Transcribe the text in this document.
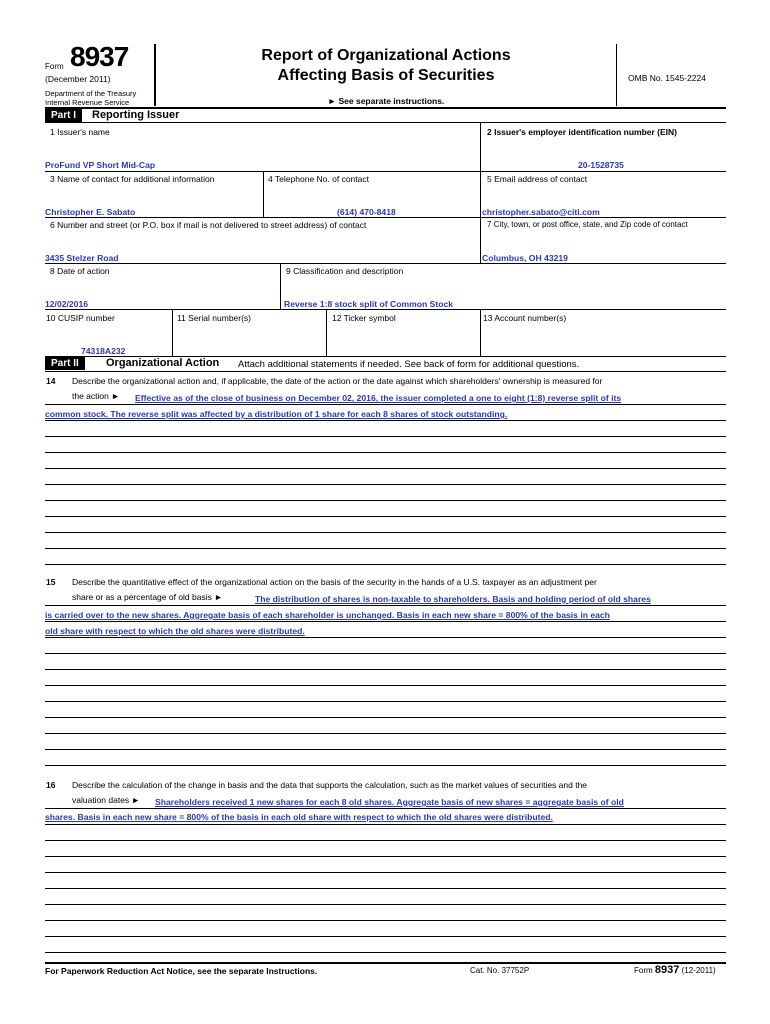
Form 8937
(December 2011)
Department of the Treasury
Internal Revenue Service
Report of Organizational Actions
Affecting Basis of Securities
► See separate instructions.
OMB No. 1545-2224
Part I	Reporting Issuer
1 Issuer's name	2 Issuer's employer identification number (EIN)
ProFund VP Short Mid-Cap	20-1528735
3 Name of contact for additional information	4 Telephone No. of contact	5 Email address of contact
Christopher E. Sabato	(614) 470-8418	christopher.sabato@citi.com
6 Number and street (or P.O. box if mail is not delivered to street address) of contact	7 City, town, or post office, state, and Zip code of contact
3435 Stelzer Road	Columbus, OH 43219
8 Date of action	9 Classification and description
12/02/2016	Reverse 1:8 stock split of Common Stock
10 CUSIP number	11 Serial number(s)	12 Ticker symbol	13 Account number(s)
74318A232
Part II	Organizational Action Attach additional statements if needed. See back of form for additional questions.
14 Describe the organizational action and, if applicable, the date of the action or the date against which shareholders' ownership is measured for
the action ► Effective as of the close of business on December 02, 2016, the issuer completed a one to eight (1:8) reverse split of its
common stock. The reverse split was affected by a distribution of 1 share for each 8 shares of stock outstanding.
15 Describe the quantitative effect of the organizational action on the basis of the security in the hands of a U.S. taxpayer as an adjustment per
share or as a percentage of old basis ►	The distribution of shares is non-taxable to shareholders. Basis and holding period of old shares
is carried over to the new shares. Aggregate basis of each shareholder is unchanged. Basis in each new share = 800% of the basis in each
old share with respect to which the old shares were distributed.
16 Describe the calculation of the change in basis and the data that supports the calculation, such as the market values of securities and the
valuation dates ► Shareholders received 1 new shares for each 8 old shares. Aggregate basis of new shares = aggregate basis of old
shares. Basis in each new share = 800% of the basis in each old share with respect to which the old shares were distributed.
For Paperwork Reduction Act Notice, see the separate Instructions.	Cat. No. 37752P	Form 8937 (12-2011)
